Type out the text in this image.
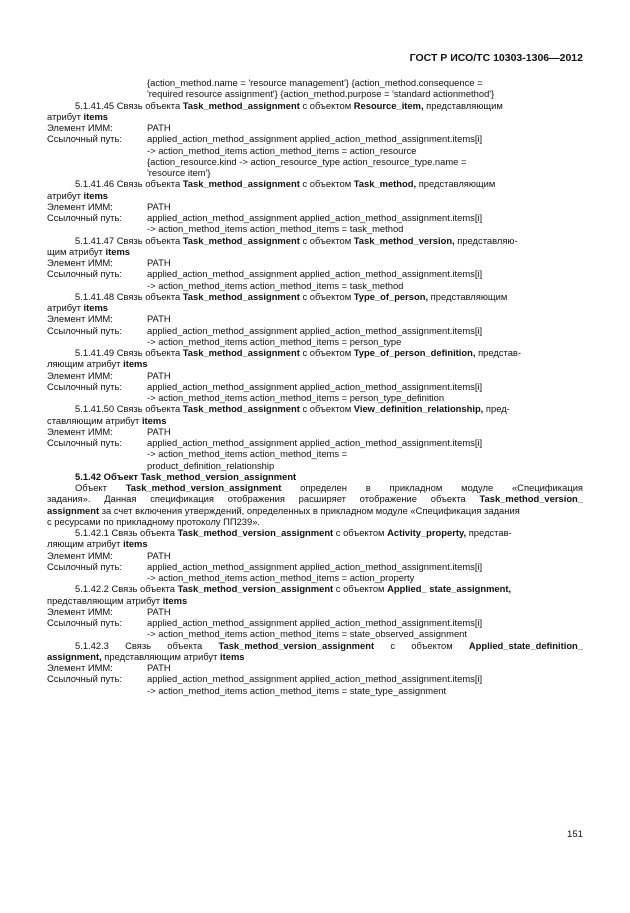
ГОСТ Р ИСО/ТС 10303-1306—2012
{action_method.name = 'resource management'} {action_method.consequence =
'required resource assignment'} {action_method.purpose = 'standard actionmethod'}
5.1.41.45 Связь объекта Task_method_assignment с объектом Resource_item, представляющим
атрибут items
Элемент ИММ:	PATH
Ссылочный путь:	applied_action_method_assignment applied_action_method_assignment.items[i]
-> action_method_items action_method_items = action_resource
{action_resource.kind -> action_resource_type action_resource_type.name =
'resource item'}
5.1.41.46 Связь объекта Task_method_assignment с объектом Task_method, представляющим
атрибут items
Элемент ИММ:	PATH
Ссылочный путь:	applied_action_method_assignment applied_action_method_assignment.items[i]
-> action_method_items action_method_items = task_method
5.1.41.47 Связь объекта Task_method_assignment с объектом Task_method_version, представляю-
щим атрибут items
Элемент ИММ:	PATH
Ссылочный путь:	applied_action_method_assignment applied_action_method_assignment.items[i]
-> action_method_items action_method_items = task_method
5.1.41.48 Связь объекта Task_method_assignment с объектом Type_of_person, представляющим
атрибут items
Элемент ИММ:	PATH
Ссылочный путь:	applied_action_method_assignment applied_action_method_assignment.items[i]
-> action_method_items action_method_items = person_type
5.1.41.49 Связь объекта Task_method_assignment с объектом Type_of_person_definition, представ-
ляющим атрибут items
Элемент ИММ:	PATH
Ссылочный путь:	applied_action_method_assignment applied_action_method_assignment.items[i]
-> action_method_items action_method_items = person_type_definition
5.1.41.50 Связь объекта Task_method_assignment с объектом View_definition_relationship, пред-
ставляющим атрибут items
Элемент ИММ:	PATH
Ссылочный путь:	applied_action_method_assignment applied_action_method_assignment.items[i]
-> action_method_items action_method_items =
product_definition_relationship
5.1.42 Объект Task_method_version_assignment
Объект Task_method_version_assignment определен в прикладном модуле «Спецификация
задания». Данная спецификация отображения расширяет отображение объекта Task_method_version_
assignment за счет включения утверждений, определенных в прикладном модуле «Спецификация задания
с ресурсами по прикладному протоколу ПП239».
5.1.42.1 Связь объекта Task_method_version_assignment с объектом Activity_property, представ-
ляющим атрибут items
Элемент ИММ:	PATH
Ссылочный путь:	applied_action_method_assignment applied_action_method_assignment.items[i]
-> action_method_items action_method_items = action_property
5.1.42.2 Связь объекта Task_method_version_assignment с объектом Applied_ state_assignment,
представляющим атрибут items
Элемент ИММ:	PATH
Ссылочный путь:	applied_action_method_assignment applied_action_method_assignment.items[i]
-> action_method_items action_method_items = state_observed_assignment
5.1.42.3 Связь объекта Task_method_version_assignment с объектом Applied_state_definition_
assignment, представляющим атрибут items
Элемент ИММ:	PATH
Ссылочный путь:	applied_action_method_assignment applied_action_method_assignment.items[i]
-> action_method_items action_method_items = state_type_assignment
151
